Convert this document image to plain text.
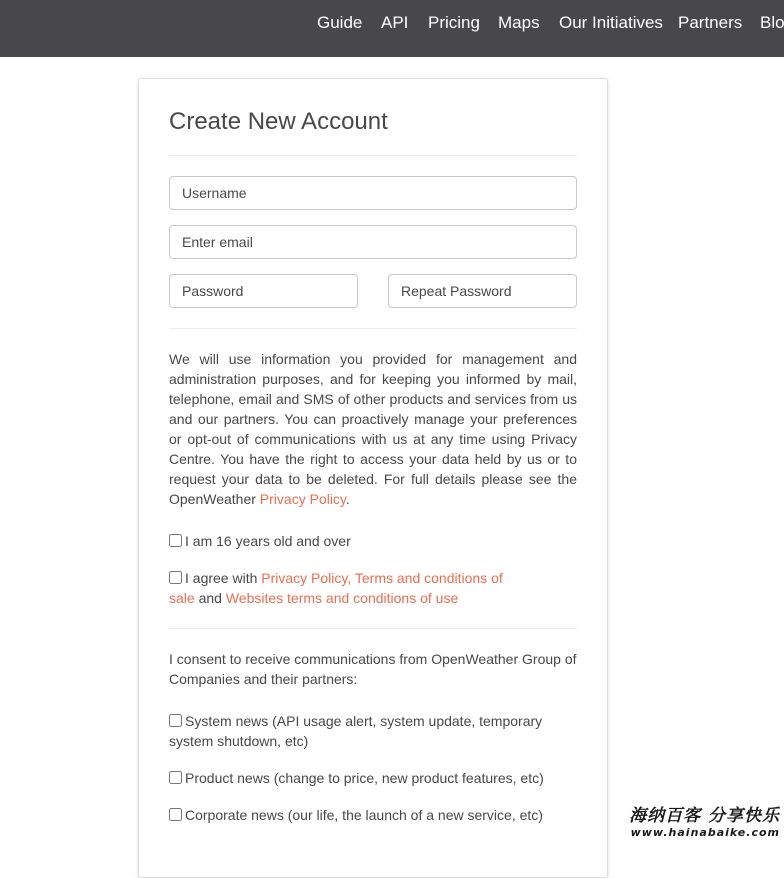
Guide API Pricing Maps Our Initiatives Partners Blo
Create New Account
Username
Enter email

We will use information you provided for management and administration purposes, and for keeping you informed by mail, telephone, email and SMS of other products and services from us and our partners. You can proactively manage your preferences or opt-out of communications with us at any time using Privacy Centre. You have the right to access your data held by us or to request your data to be deleted. For full details please see the OpenWeather Privacy Policy.

I am 16 years old and over
I agree with Privacy Policy, Terms and conditions of sale and Websites terms and conditions of use

I consent to receive communications from OpenWeather Group of Companies and their partners:

System news (API usage alert, system update, temporary system shutdown, etc)
Product news (change to price, new product features, etc)
Corporate news (our life, the launch of a new service, etc)
海纳百客 分享快乐
www.hainabaike.com
